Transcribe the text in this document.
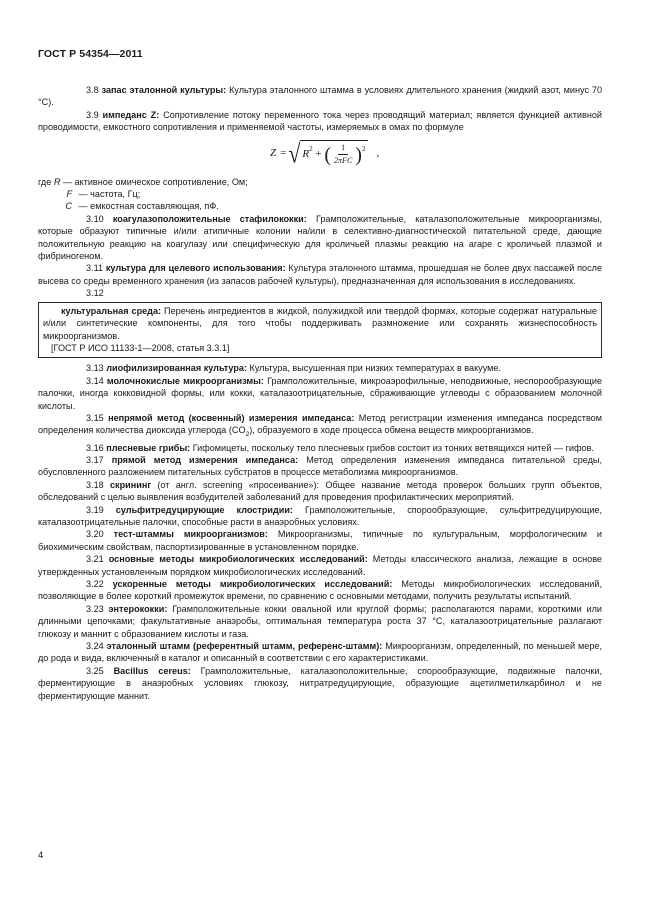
ГОСТ Р 54354—2011

3.8 запас эталонной культуры: Культура эталонного штамма в условиях длительного хранения (жидкий азот, минус 70 °С).

3.9 импеданс Z: Сопротивление потоку переменного тока через проводящий материал; является функцией активной проводимости, емкостного сопротивления и применяемой частоты, измеряемых в омах по формуле

Z = √ R 2
+
( $\frac{1}{\text{2πFC}}$ ) 2 ,

где R — активное омическое сопротивление, Ом;

F — частота, Гц;

C — емкостная составляющая, пФ.

3.10 коагулазоположительные стафилококки: Грамположительные, каталазоположительные микроорганизмы, которые образуют типичные и/или атипичные колонии на/или в селективно-диагностической питательной среде, дающие положительную реакцию на коагулазу или специфическую для кроличьей плазмы реакцию на агаре с кроличьей плазмой и фибриногеном.

3.11 культура для целевого использования: Культура эталонного штамма, прошедшая не более двух пассажей после высева со среды временного хранения (из запасов рабочей культуры), предназначенная для использования в исследованиях.

3.12

культуральная среда: Перечень ингредиентов в жидкой, полужидкой или твердой формах, которые содержат натуральные и/или синтетические компоненты, для того чтобы поддерживать размножение или сохранять жизнеспособность микроорганизмов.

[ГОСТ Р ИСО 11133-1—2008, статья 3.3.1]

3.13 лиофилизированная культура: Культура, высушенная при низких температурах в вакууме.

3.14 молочнокислые микроорганизмы: Грамположительные, микроаэрофильные, неподвижные, неспорообразующие палочки, иногда кокковидной формы, или кокки, каталазоотрицательные, сбраживающие углеводы с образованием молочной кислоты.

3.15 непрямой метод (косвенный) измерения импеданса: Метод регистрации изменения импеданса посредством определения количества диоксида углерода $(CO_2)$, образуемого в ходе процесса обмена веществ микроорганизмов.

3.16 плесневые грибы: Гифомицеты, поскольку тело плесневых грибов состоит из тонких ветвящихся нитей — гифов.

3.17 прямой метод измерения импеданса: Метод определения изменения импеданса питательной среды, обусловленного разложением питательных субстратов в процессе метаболизма микроорганизмов.

3.18 скрининг (от англ. screening «просеивание»): Общее название метода проверок больших групп объектов, обследований с целью выявления возбудителей заболеваний для проведения профилактических мероприятий.

3.19 сульфитредуцирующие клостридии: Грамположительные, спорообразующие, сульфитредуцирующие, каталазоотрицательные палочки, способные расти в анаэробных условиях.

3.20 тест-штаммы микроорганизмов: Микроорганизмы, типичные по культуральным, морфологическим и биохимическим свойствам, паспортизированные в установленном порядке.

3.21 основные методы микробиологических исследований: Методы классического анализа, лежащие в основе утвержденных установленным порядком микробиологических исследований.

3.22 ускоренные методы микробиологических исследований: Методы микробиологических исследований, позволяющие в более короткий промежуток времени, по сравнению с основными методами, получить результаты испытаний.

3.23 энтерококки: Грамположительные кокки овальной или круглой формы; располагаются парами, короткими или длинными цепочками; факультативные анаэробы, оптимальная температура роста 37 °С, каталазоотрицательные разлагают глюкозу и маннит с образованием кислоты и газа.

3.24 эталонный штамм (референтный штамм, референс-штамм): Микроорганизм, определенный, по меньшей мере, до рода и вида, включенный в каталог и описанный в соответствии с его характеристиками.

3.25 Bacillus cereus: Грамположительные, каталазоположительные, спорообразующие, подвижные палочки, ферментирующие в анаэробных условиях глюкозу, нитратредуцирующие, образующие ацетилметилкарбинол и не ферментирующие маннит.

4
